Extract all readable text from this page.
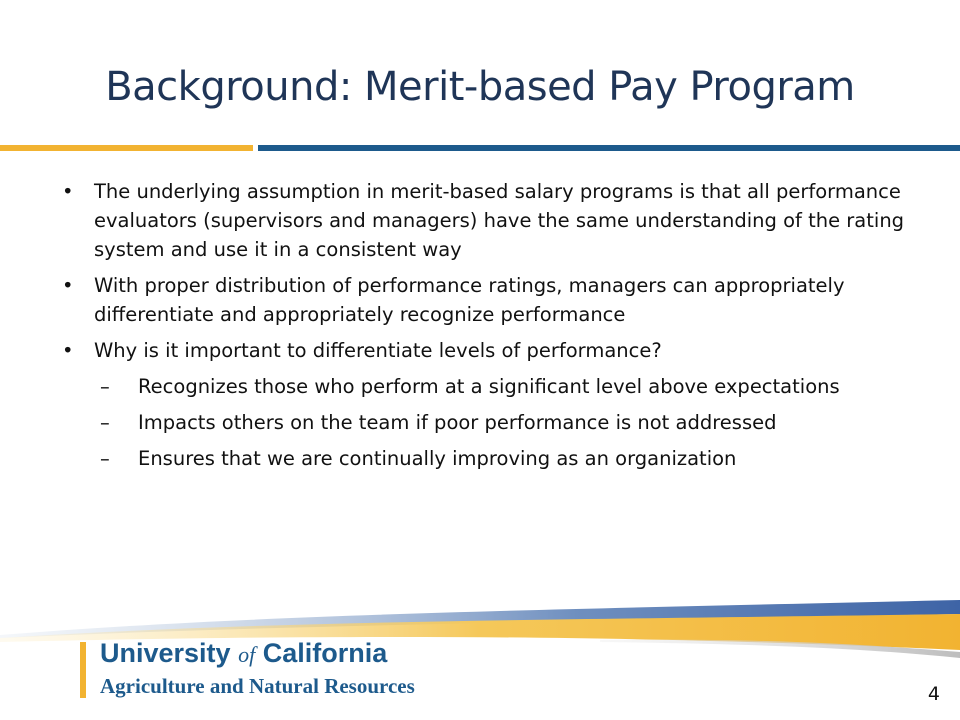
Background: Merit-based Pay Program
•	The underlying assumption in merit-based salary programs is that all performance evaluators (supervisors and managers) have the same understanding of the rating system and use it in a consistent way
•	With proper distribution of performance ratings, managers can appropriately differentiate and appropriately recognize performance
•	Why is it important to differentiate levels of performance?
–	Recognizes those who perform at a significant level above expectations
–	Impacts others on the team if poor performance is not addressed
–	Ensures that we are continually improving as an organization
University of California
Agriculture and Natural Resources	4
